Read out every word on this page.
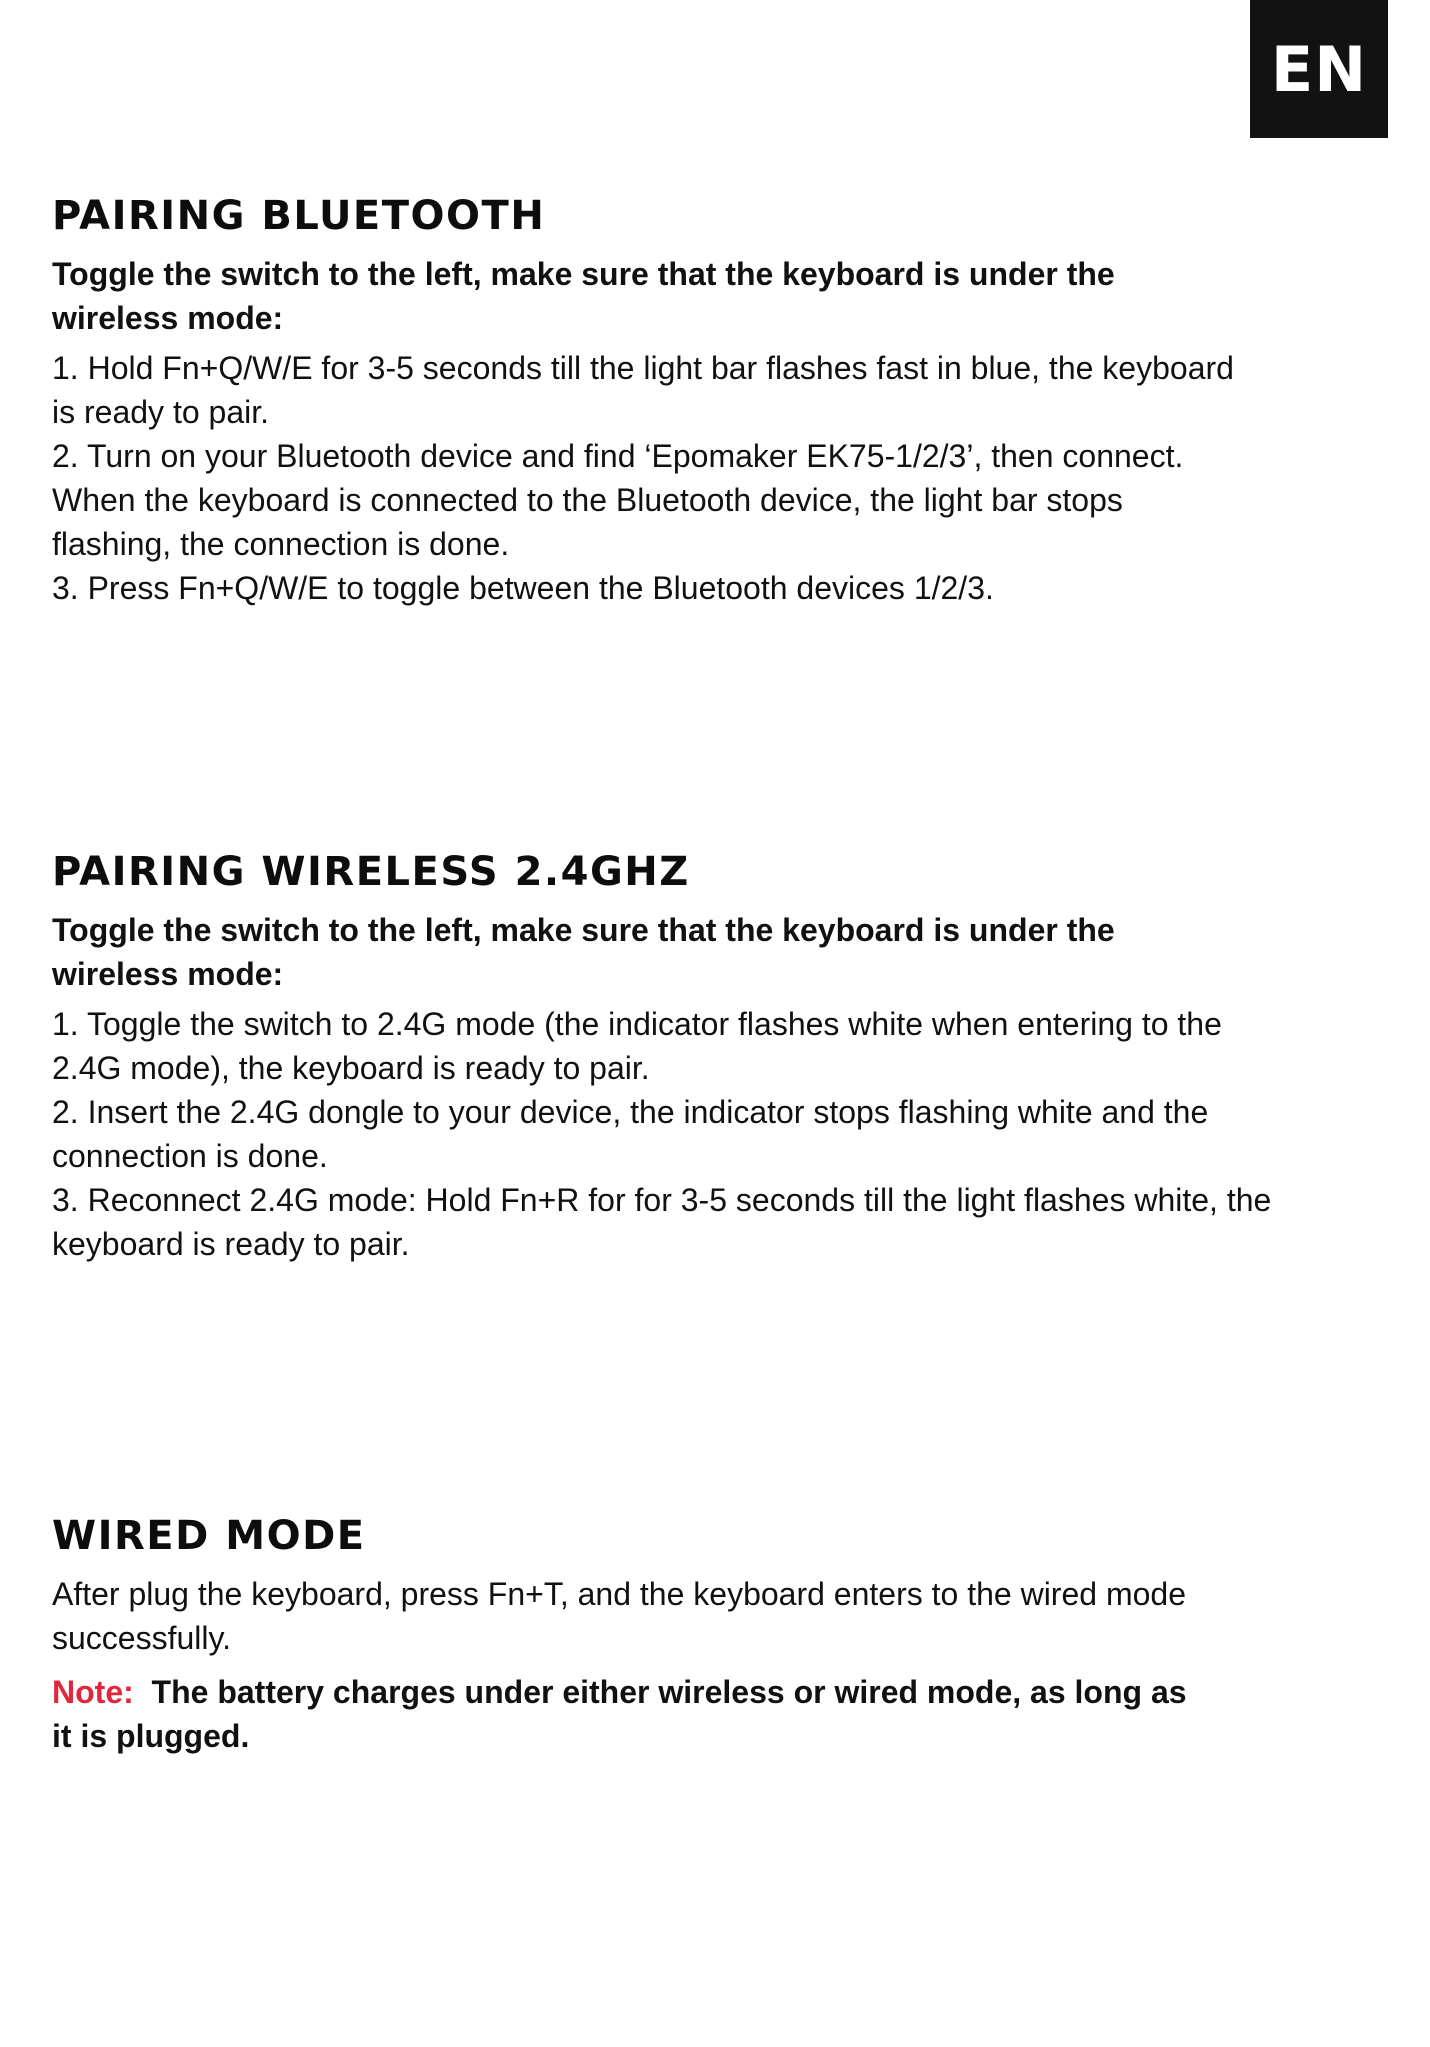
EN
PAIRING BLUETOOTH

Toggle the switch to the left, make sure that the keyboard is under the wireless mode:

1. Hold Fn+Q/W/E for 3-5 seconds till the light bar flashes fast in blue, the keyboard
is ready to pair.
2. Turn on your Bluetooth device and find ‘Epomaker EK75-1/2/3’, then connect.
When the keyboard is connected to the Bluetooth device, the light bar stops
flashing, the connection is done.
3. Press Fn+Q/W/E to toggle between the Bluetooth devices 1/2/3.

PAIRING WIRELESS 2.4GHZ

Toggle the switch to the left, make sure that the keyboard is under the wireless mode:

1. Toggle the switch to 2.4G mode (the indicator flashes white when entering to the
2.4G mode), the keyboard is ready to pair.
2. Insert the 2.4G dongle to your device, the indicator stops flashing white and the
connection is done.
3. Reconnect 2.4G mode: Hold Fn+R for for 3-5 seconds till the light flashes white, the
keyboard is ready to pair.

WIRED MODE

After plug the keyboard, press Fn+T, and the keyboard enters to the wired mode
successfully.

Note: The battery charges under either wireless or wired mode, as long as it is plugged.
